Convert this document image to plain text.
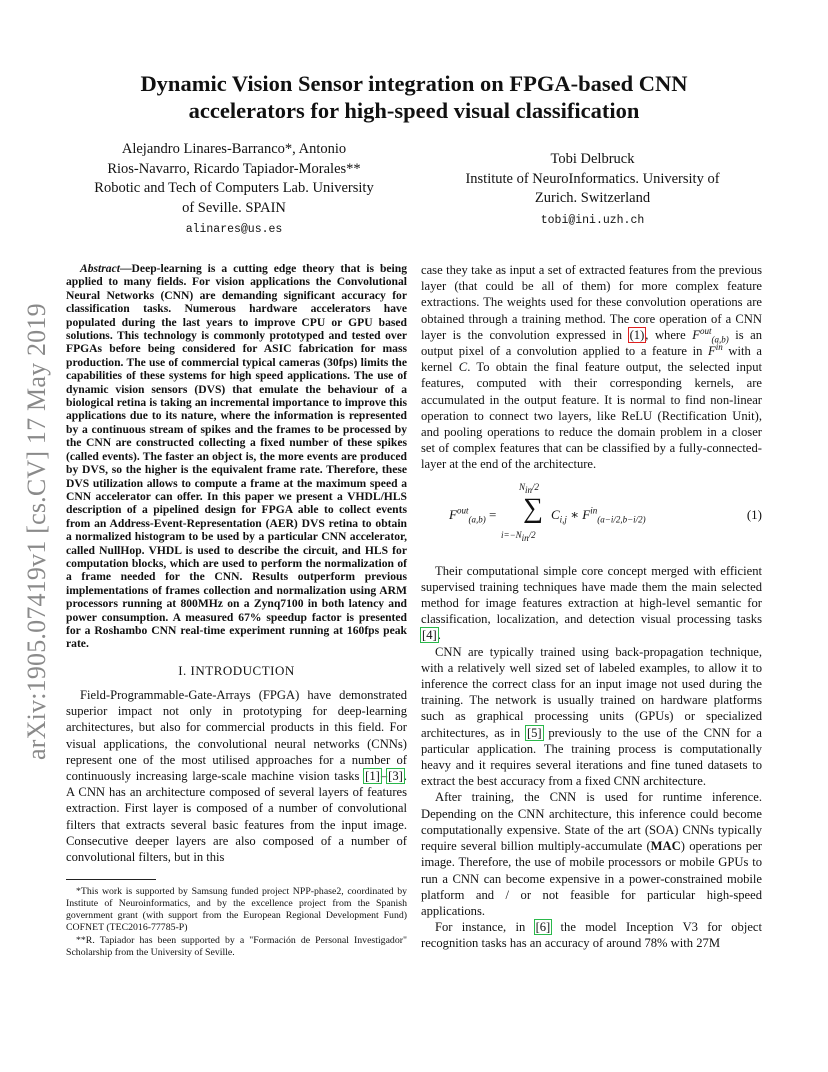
arXiv:1905.07419v1 [cs.CV] 17 May 2019
Dynamic Vision Sensor integration on FPGA-based CNN
accelerators for high-speed visual classification
Alejandro Linares-Barranco*, Antonio
Rios-Navarro, Ricardo Tapiador-Morales**
Robotic and Tech of Computers Lab. University
of Seville. SPAIN
alinares@us.es
Tobi Delbruck
Institute of NeuroInformatics. University of
Zurich. Switzerland
tobi@ini.uzh.ch

Abstract—Deep-learning is a cutting edge theory that is being applied to many fields. For vision applications the Convolutional Neural Networks (CNN) are demanding significant accuracy for classification tasks. Numerous hardware accelerators have populated during the last years to improve CPU or GPU based solutions. This technology is commonly prototyped and tested over FPGAs before being considered for ASIC fabrication for mass production. The use of commercial typical cameras (30fps) limits the capabilities of these systems for high speed applications. The use of dynamic vision sensors (DVS) that emulate the behaviour of a biological retina is taking an incremental importance to improve this applications due to its nature, where the information is represented by a continuous stream of spikes and the frames to be processed by the CNN are constructed collecting a fixed number of these spikes (called events). The faster an object is, the more events are produced by DVS, so the higher is the equivalent frame rate. Therefore, these DVS utilization allows to compute a frame at the maximum speed a CNN accelerator can offer. In this paper we present a VHDL/HLS description of a pipelined design for FPGA able to collect events from an Address-Event-Representation (AER) DVS retina to obtain a normalized histogram to be used by a particular CNN accelerator, called NullHop. VHDL is used to describe the circuit, and HLS for computation blocks, which are used to perform the normalization of a frame needed for the CNN. Results outperform previous implementations of frames collection and normalization using ARM processors running at 800MHz on a Zynq7100 in both latency and power consumption. A measured 67% speedup factor is presented for a Roshambo CNN real-time experiment running at 160fps peak rate.

I. INTRODUCTION

Field-Programmable-Gate-Arrays (FPGA) have demonstrated superior impact not only in prototyping for deep-learning architectures, but also for commercial products in this field. For visual applications, the convolutional neural networks (CNNs) represent one of the most utilised approaches for a number of continuously increasing large-scale machine vision tasks [1]–[3]. A CNN has an architecture composed of several layers of features extraction. First layer is composed of a number of convolutional filters that extracts several basic features from the input image. Consecutive deeper layers are also composed of a number of convolutional filters, but in this

*This work is supported by Samsung funded project NPP-phase2, coordinated by Institute of Neuroinformatics, and by the excellence project from the Spanish government grant (with support from the European Regional Development Fund) COFNET (TEC2016-77785-P)

**R. Tapiador has been supported by a "Formación de Personal Investigador" Scholarship from the University of Seville.

case they take as input a set of extracted features from the previous layer (that could be all of them) for more complex feature extractions. The weights used for these convolution operations are obtained through a training method. The core operation of a CNN layer is the convolution expressed in (1), where $F^{out}_{(a,b)}$ is an output pixel of a convolution applied to a feature in $F^{in}$ with a kernel C. To obtain the final feature output, the selected input features, computed with their corresponding kernels, are accumulated in the output feature. It is normal to find non-linear operation to connect two layers, like ReLU (Rectification Unit), and pooling operations to reduce the domain problem in a closer set of complex features that can be classified by a fully-connected-layer at the end of the architecture.

$F^{out}_{(a,b)}$ =
$N_{in}/2$
∑
$i=-N_{in}/2$
$C_{i,j}$ ∗ $F^{in}_{(a-i/2,b-i/2)}$	(1)

Their computational simple core concept merged with efficient supervised training techniques have made them the main selected method for image features extraction at high-level semantic for classification, localization, and detection visual processing tasks [4].

CNN are typically trained using back-propagation technique, with a relatively well sized set of labeled examples, to allow it to inference the correct class for an input image not used during the training. The network is usually trained on hardware platforms such as graphical processing units (GPUs) or specialized architectures, as in [5] previously to the use of the CNN for a particular application. The training process is computationally heavy and it requires several iterations and fine tuned datasets to extract the best accuracy from a fixed CNN architecture.

After training, the CNN is used for runtime inference. Depending on the CNN architecture, this inference could become computationally expensive. State of the art (SOA) CNNs typically require several billion multiply-accumulate (MAC) operations per image. Therefore, the use of mobile processors or mobile GPUs to run a CNN can become expensive in a power-constrained mobile platform and / or not feasible for particular high-speed applications.

For instance, in [6] the model Inception V3 for object recognition tasks has an accuracy of around 78% with 27M
